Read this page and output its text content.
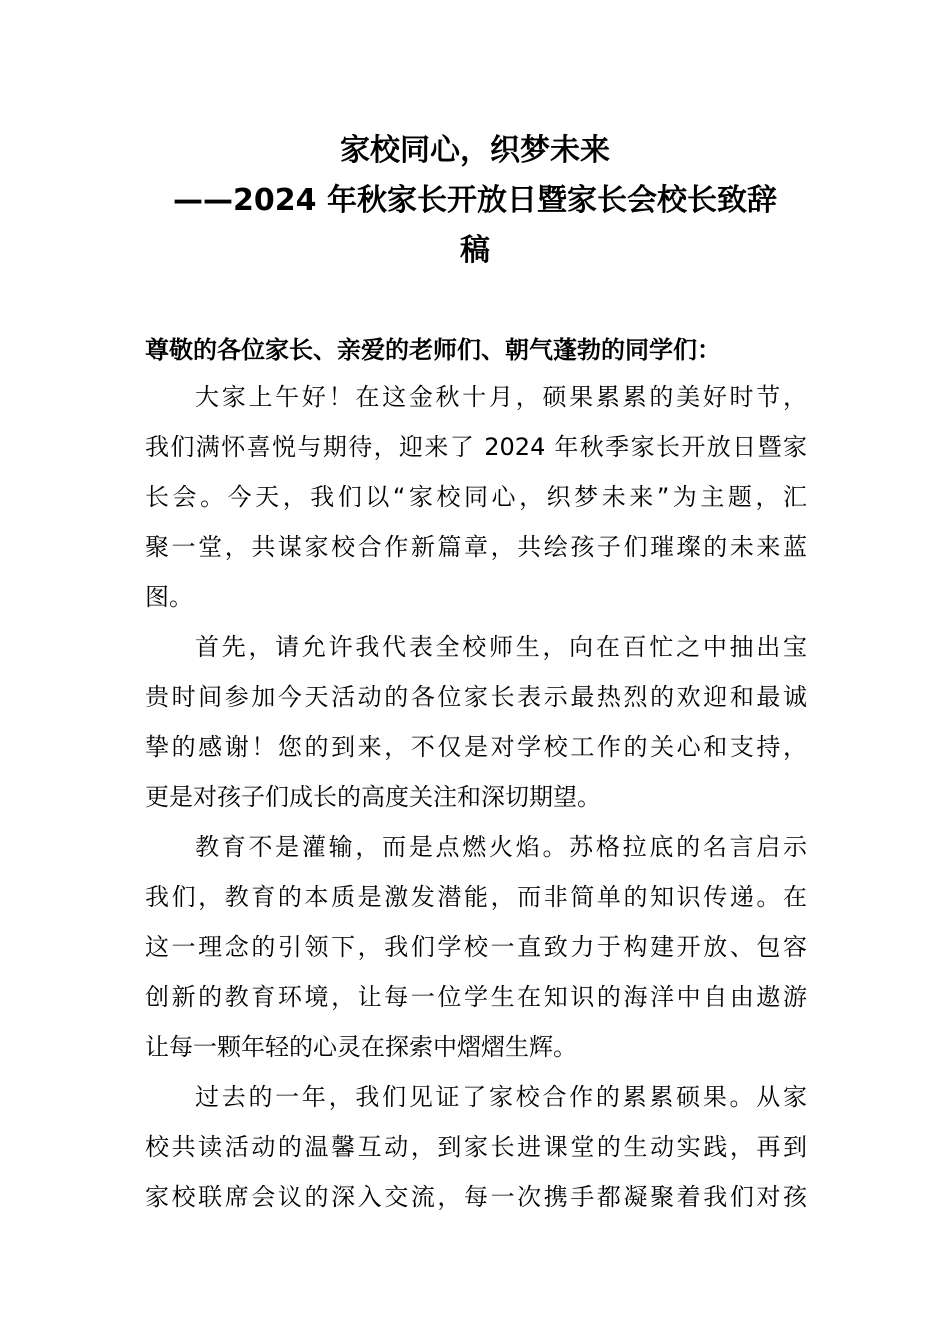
家校同心，织梦未来
——2024 年秋家长开放日暨家长会校长致辞
稿
尊敬的各位家长、亲爱的老师们、朝气蓬勃的同学们：
大家上午好！在这金秋十月，硕果累累的美好时节，
我们满怀喜悦与期待，迎来了 2024 年秋季家长开放日暨家
长会。今天，我们以“家校同心，织梦未来”为主题，汇
聚一堂，共谋家校合作新篇章，共绘孩子们璀璨的未来蓝
图。
首先，请允许我代表全校师生，向在百忙之中抽出宝
贵时间参加今天活动的各位家长表示最热烈的欢迎和最诚
挚的感谢！您的到来，不仅是对学校工作的关心和支持，
更是对孩子们成长的高度关注和深切期望。
教育不是灌输，而是点燃火焰。苏格拉底的名言启示
我们，教育的本质是激发潜能，而非简单的知识传递。在
这一理念的引领下，我们学校一直致力于构建开放、包容
创新的教育环境，让每一位学生在知识的海洋中自由遨游
让每一颗年轻的心灵在探索中熠熠生辉。
过去的一年，我们见证了家校合作的累累硕果。从家
校共读活动的温馨互动，到家长进课堂的生动实践，再到
家校联席会议的深入交流，每一次携手都凝聚着我们对孩
